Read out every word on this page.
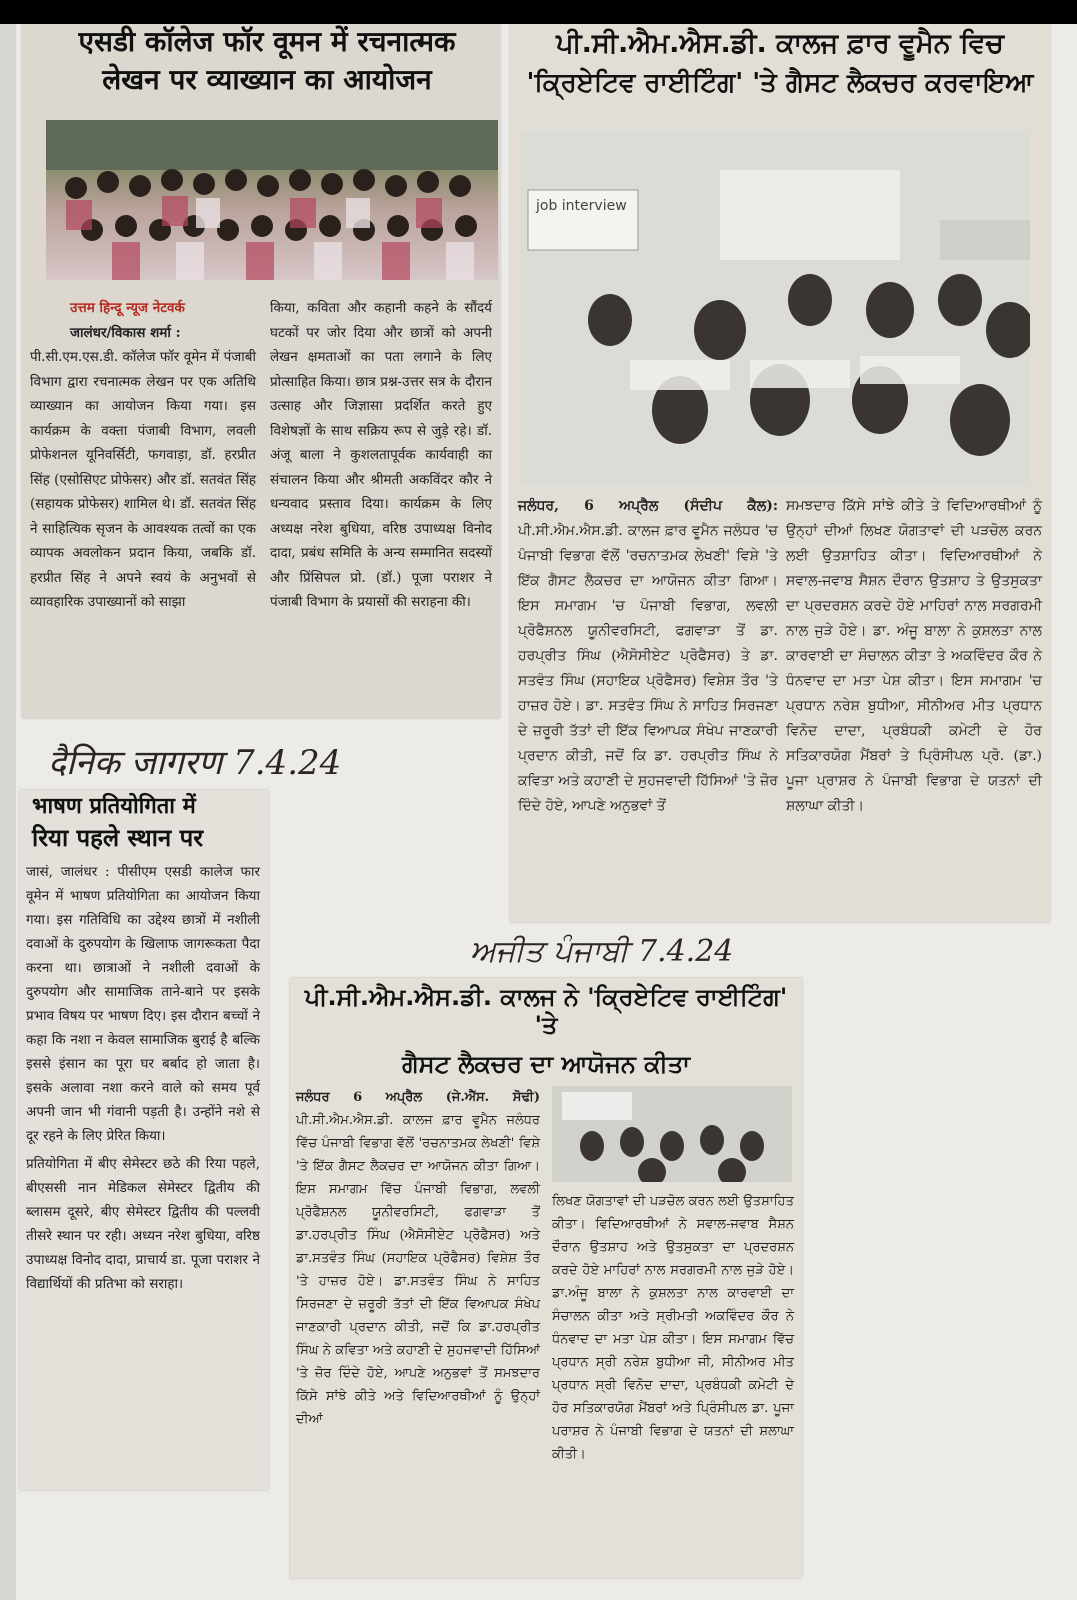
एसडी कॉलेज फॉर वूमन में रचनात्मक

लेखन पर व्याख्यान का आयोजन

उत्तम हिन्दू न्यूज नेटवर्क
जालंधर/विकास शर्मा :
पी.सी.एम.एस.डी. कॉलेज फॉर वूमेन में पंजाबी विभाग द्वारा रचनात्मक लेखन पर एक अतिथि व्याख्यान का आयोजन किया गया। इस कार्यक्रम के वक्ता पंजाबी विभाग, लवली प्रोफेशनल यूनिवर्सिटी, फगवाड़ा, डॉ. हरप्रीत सिंह (एसोसिएट प्रोफेसर) और डॉ. सतवंत सिंह (सहायक प्रोफेसर) शामिल थे। डॉ. सतवंत सिंह ने साहित्यिक सृजन के आवश्यक तत्वों का एक व्यापक अवलोकन प्रदान किया, जबकि डॉ. हरप्रीत सिंह ने अपने स्वयं के अनुभवों से व्यावहारिक उपाख्यानों को साझा
किया, कविता और कहानी कहने के सौंदर्य घटकों पर जोर दिया और छात्रों को अपनी लेखन क्षमताओं का पता लगाने के लिए प्रोत्साहित किया। छात्र प्रश्न-उत्तर सत्र के दौरान उत्साह और जिज्ञासा प्रदर्शित करते हुए विशेषज्ञों के साथ सक्रिय रूप से जुड़े रहे। डॉ. अंजू बाला ने कुशलतापूर्वक कार्यवाही का संचालन किया और श्रीमती अकविंदर कौर ने धन्यवाद प्रस्ताव दिया। कार्यक्रम के लिए अध्यक्ष नरेश बुधिया, वरिष्ठ उपाध्यक्ष विनोद दादा, प्रबंध समिति के अन्य सम्मानित सदस्यों और प्रिंसिपल प्रो. (डॉ.) पूजा पराशर ने पंजाबी विभाग के प्रयासों की सराहना की।

ਪੀ.ਸੀ.ਐਮ.ਐਸ.ਡੀ. ਕਾਲਜ ਫ਼ਾਰ ਵੂਮੈਨ ਵਿਚ

'ਕ੍ਰਿਏਟਿਵ ਰਾਈਟਿੰਗ' 'ਤੇ ਗੈਸਟ ਲੈਕਚਰ ਕਰਵਾਇਆ

job interview
ਜਲੰਧਰ, 6 ਅਪ੍ਰੈਲ (ਸੰਦੀਪ ਕੈਲ): ਪੀ.ਸੀ.ਐਮ.ਐਸ.ਡੀ. ਕਾਲਜ ਫ਼ਾਰ ਵੂਮੈਨ ਜਲੰਧਰ 'ਚ ਪੰਜਾਬੀ ਵਿਭਾਗ ਵੱਲੋਂ 'ਰਚਨਾਤਮਕ ਲੇਖਣੀ' ਵਿਸ਼ੇ 'ਤੇ ਇੱਕ ਗੈਸਟ ਲੈਕਚਰ ਦਾ ਆਯੋਜਨ ਕੀਤਾ ਗਿਆ। ਇਸ ਸਮਾਗਮ 'ਚ ਪੰਜਾਬੀ ਵਿਭਾਗ, ਲਵਲੀ ਪ੍ਰੋਫੈਸ਼ਨਲ ਯੂਨੀਵਰਸਿਟੀ, ਫਗਵਾੜਾ ਤੋਂ ਡਾ. ਹਰਪ੍ਰੀਤ ਸਿੰਘ (ਐਸੋਸੀਏਟ ਪ੍ਰੋਫੈਸਰ) ਤੇ ਡਾ. ਸਤਵੰਤ ਸਿੰਘ (ਸਹਾਇਕ ਪ੍ਰੋਫੈਸਰ) ਵਿਸ਼ੇਸ਼ ਤੌਰ 'ਤੇ ਹਾਜ਼ਰ ਹੋਏ। ਡਾ. ਸਤਵੰਤ ਸਿੰਘ ਨੇ ਸਾਹਿਤ ਸਿਰਜਣਾ ਦੇ ਜ਼ਰੂਰੀ ਤੱਤਾਂ ਦੀ ਇੱਕ ਵਿਆਪਕ ਸੰਖੇਪ ਜਾਣਕਾਰੀ ਪ੍ਰਦਾਨ ਕੀਤੀ, ਜਦੋਂ ਕਿ ਡਾ. ਹਰਪ੍ਰੀਤ ਸਿੰਘ ਨੇ ਕਵਿਤਾ ਅਤੇ ਕਹਾਣੀ ਦੇ ਸੁਹਜਵਾਦੀ ਹਿੱਸਿਆਂ 'ਤੇ ਜ਼ੋਰ ਦਿੰਦੇ ਹੋਏ, ਆਪਣੇ ਅਨੁਭਵਾਂ ਤੋਂ
ਸਮਝਦਾਰ ਕਿੱਸੇ ਸਾਂਝੇ ਕੀਤੇ ਤੇ ਵਿਦਿਆਰਥੀਆਂ ਨੂੰ ਉਨ੍ਹਾਂ ਦੀਆਂ ਲਿਖਣ ਯੋਗਤਾਵਾਂ ਦੀ ਪੜਚੋਲ ਕਰਨ ਲਈ ਉਤਸ਼ਾਹਿਤ ਕੀਤਾ। ਵਿਦਿਆਰਥੀਆਂ ਨੇ ਸਵਾਲ-ਜਵਾਬ ਸੈਸ਼ਨ ਦੌਰਾਨ ਉਤਸ਼ਾਹ ਤੇ ਉਤਸੁਕਤਾ ਦਾ ਪ੍ਰਦਰਸ਼ਨ ਕਰਦੇ ਹੋਏ ਮਾਹਿਰਾਂ ਨਾਲ ਸਰਗਰਮੀ ਨਾਲ ਜੁੜੇ ਹੋਏ। ਡਾ. ਅੰਜੂ ਬਾਲਾ ਨੇ ਕੁਸ਼ਲਤਾ ਨਾਲ ਕਾਰਵਾਈ ਦਾ ਸੰਚਾਲਨ ਕੀਤਾ ਤੇ ਅਕਵਿੰਦਰ ਕੌਰ ਨੇ ਧੰਨਵਾਦ ਦਾ ਮਤਾ ਪੇਸ਼ ਕੀਤਾ। ਇਸ ਸਮਾਗਮ 'ਚ ਪ੍ਰਧਾਨ ਨਰੇਸ਼ ਬੁਧੀਆ, ਸੀਨੀਅਰ ਮੀਤ ਪ੍ਰਧਾਨ ਵਿਨੋਦ ਦਾਦਾ, ਪ੍ਰਬੰਧਕੀ ਕਮੇਟੀ ਦੇ ਹੋਰ ਸਤਿਕਾਰਯੋਗ ਮੈਂਬਰਾਂ ਤੇ ਪ੍ਰਿੰਸੀਪਲ ਪ੍ਰੋ. (ਡਾ.) ਪੂਜਾ ਪ੍ਰਾਸ਼ਰ ਨੇ ਪੰਜਾਬੀ ਵਿਭਾਗ ਦੇ ਯਤਨਾਂ ਦੀ ਸ਼ਲਾਘਾ ਕੀਤੀ।
दैनिक जागरण 7.4.24

भाषण प्रतियोगिता में

रिया पहले स्थान पर

जासं, जालंधर : पीसीएम एसडी कालेज फार वूमेन में भाषण प्रतियोगिता का आयोजन किया गया। इस गतिविधि का उद्देश्य छात्रों में नशीली दवाओं के दुरुपयोग के खिलाफ जागरूकता पैदा करना था। छात्राओं ने नशीली दवाओं के दुरुपयोग और सामाजिक ताने-बाने पर इसके प्रभाव विषय पर भाषण दिए। इस दौरान बच्चों ने कहा कि नशा न केवल सामाजिक बुराई है बल्कि इससे इंसान का पूरा घर बर्बाद हो जाता है। इसके अलावा नशा करने वाले को समय पूर्व अपनी जान भी गंवानी पड़ती है। उन्होंने नशे से दूर रहने के लिए प्रेरित किया।
प्रतियोगिता में बीए सेमेस्टर छठे की रिया पहले, बीएससी नान मेडिकल सेमेस्टर द्वितीय की ब्लासम दूसरे, बीए सेमेस्टर द्वितीय की पल्लवी तीसरे स्थान पर रही। अध्यन नरेश बुधिया, वरिष्ठ उपाध्यक्ष विनोद दादा, प्राचार्य डा. पूजा पराशर ने विद्यार्थियों की प्रतिभा को सराहा।
ਅਜੀਤ ਪੰਜਾਬੀ 7.4.24

ਪੀ.ਸੀ.ਐਮ.ਐਸ.ਡੀ. ਕਾਲਜ ਨੇ 'ਕ੍ਰਿਏਟਿਵ ਰਾਈਟਿੰਗ' 'ਤੇ

ਗੈਸਟ ਲੈਕਚਰ ਦਾ ਆਯੋਜਨ ਕੀਤਾ

ਜਲੰਧਰ 6 ਅਪ੍ਰੈਲ (ਜੇ.ਐੱਸ. ਸੋਢੀ) ਪੀ.ਸੀ.ਐਮ.ਐਸ.ਡੀ. ਕਾਲਜ ਫ਼ਾਰ ਵੂਮੈਨ ਜਲੰਧਰ ਵਿੱਚ ਪੰਜਾਬੀ ਵਿਭਾਗ ਵੱਲੋਂ 'ਰਚਨਾਤਮਕ ਲੇਖਣੀ' ਵਿਸ਼ੇ 'ਤੇ ਇੱਕ ਗੈਸਟ ਲੈਕਚਰ ਦਾ ਆਯੋਜਨ ਕੀਤਾ ਗਿਆ। ਇਸ ਸਮਾਗਮ ਵਿੱਚ ਪੰਜਾਬੀ ਵਿਭਾਗ, ਲਵਲੀ ਪ੍ਰੋਫੈਸ਼ਨਲ ਯੂਨੀਵਰਸਿਟੀ, ਫਗਵਾੜਾ ਤੋਂ ਡਾ.ਹਰਪ੍ਰੀਤ ਸਿੰਘ (ਐਸੋਸੀਏਟ ਪ੍ਰੋਫੈਸਰ) ਅਤੇ ਡਾ.ਸਤਵੰਤ ਸਿੰਘ (ਸਹਾਇਕ ਪ੍ਰੋਫੈਸਰ) ਵਿਸ਼ੇਸ਼ ਤੌਰ 'ਤੇ ਹਾਜ਼ਰ ਹੋਏ। ਡਾ.ਸਤਵੰਤ ਸਿੰਘ ਨੇ ਸਾਹਿਤ ਸਿਰਜਣਾ ਦੇ ਜ਼ਰੂਰੀ ਤੱਤਾਂ ਦੀ ਇੱਕ ਵਿਆਪਕ ਸੰਖੇਪ ਜਾਣਕਾਰੀ ਪ੍ਰਦਾਨ ਕੀਤੀ, ਜਦੋਂ ਕਿ ਡਾ.ਹਰਪ੍ਰੀਤ ਸਿੰਘ ਨੇ ਕਵਿਤਾ ਅਤੇ ਕਹਾਣੀ ਦੇ ਸੁਹਜਵਾਦੀ ਹਿੱਸਿਆਂ 'ਤੇ ਜ਼ੋਰ ਦਿੰਦੇ ਹੋਏ, ਆਪਣੇ ਅਨੁਭਵਾਂ ਤੋਂ ਸਮਝਦਾਰ ਕਿੱਸੇ ਸਾਂਝੇ ਕੀਤੇ ਅਤੇ ਵਿਦਿਆਰਥੀਆਂ ਨੂੰ ਉਨ੍ਹਾਂ ਦੀਆਂ
ਲਿਖਣ ਯੋਗਤਾਵਾਂ ਦੀ ਪੜਚੋਲ ਕਰਨ ਲਈ ਉਤਸ਼ਾਹਿਤ ਕੀਤਾ। ਵਿਦਿਆਰਥੀਆਂ ਨੇ ਸਵਾਲ-ਜਵਾਬ ਸੈਸ਼ਨ ਦੌਰਾਨ ਉਤਸ਼ਾਹ ਅਤੇ ਉਤਸੁਕਤਾ ਦਾ ਪ੍ਰਦਰਸ਼ਨ ਕਰਦੇ ਹੋਏ ਮਾਹਿਰਾਂ ਨਾਲ ਸਰਗਰਮੀ ਨਾਲ ਜੁੜੇ ਹੋਏ। ਡਾ.ਅੰਜੂ ਬਾਲਾ ਨੇ ਕੁਸ਼ਲਤਾ ਨਾਲ ਕਾਰਵਾਈ ਦਾ ਸੰਚਾਲਨ ਕੀਤਾ ਅਤੇ ਸ੍ਰੀਮਤੀ ਅਕਵਿੰਦਰ ਕੌਰ ਨੇ ਧੰਨਵਾਦ ਦਾ ਮਤਾ ਪੇਸ਼ ਕੀਤਾ। ਇਸ ਸਮਾਗਮ ਵਿੱਚ ਪ੍ਰਧਾਨ ਸ੍ਰੀ ਨਰੇਸ਼ ਬੁਧੀਆ ਜੀ, ਸੀਨੀਅਰ ਮੀਤ ਪ੍ਰਧਾਨ ਸ੍ਰੀ ਵਿਨੋਦ ਦਾਦਾ, ਪ੍ਰਬੰਧਕੀ ਕਮੇਟੀ ਦੇ ਹੋਰ ਸਤਿਕਾਰਯੋਗ ਮੈਂਬਰਾਂ ਅਤੇ ਪ੍ਰਿੰਸੀਪਲ ਡਾ. ਪੂਜਾ ਪਰਾਸ਼ਰ ਨੇ ਪੰਜਾਬੀ ਵਿਭਾਗ ਦੇ ਯਤਨਾਂ ਦੀ ਸ਼ਲਾਘਾ ਕੀਤੀ।
